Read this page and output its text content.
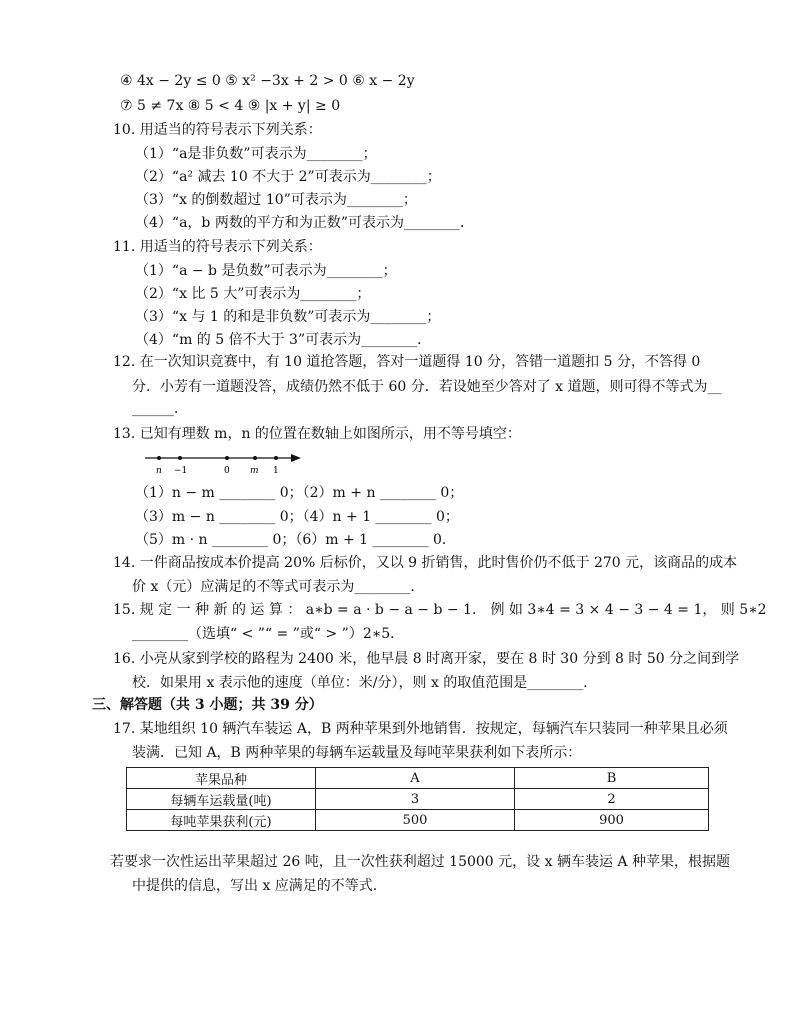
④ 4x − 2y ≤ 0 ⑤ x² −3x + 2 > 0 ⑥ x − 2y
⑦ 5 ≠ 7x ⑧ 5 < 4 ⑨ |x + y| ≥ 0
10. 用适当的符号表示下列关系：
（1）“a是非负数”可表示为________；
（2）“a² 减去 10 不大于 2”可表示为________；
（3）“x 的倒数超过 10”可表示为________；
（4）“a，b 两数的平方和为正数”可表示为________．
11. 用适当的符号表示下列关系：
（1）“a − b 是负数”可表示为________；
（2）“x 比 5 大”可表示为________；
（3）“x 与 1 的和是非负数”可表示为________；
（4）“m 的 5 倍不大于 3”可表示为________．
12. 在一次知识竞赛中，有 10 道抢答题，答对一道题得 10 分，答错一道题扣 5 分，不答得 0
分．小芳有一道题没答，成绩仍然不低于 60 分．若设她至少答对了 x 道题，则可得不等式为__
______．
13. 已知有理数 m，n 的位置在数轴上如图所示，用不等号填空：
n −1	0 m 1
（1）n − m ________ 0；（2）m + n ________ 0；
（3）m − n ________ 0；（4）n + 1 ________ 0；
（5）m · n ________ 0；（6）m + 1 ________ 0．
14. 一件商品按成本价提高 20% 后标价，又以 9 折销售，此时售价仍不低于 270 元，该商品的成本
价 x（元）应满足的不等式可表示为________．
15. 规 定 一 种 新 的 运 算 ： a∗b = a · b − a − b − 1． 例 如 3∗4 = 3 × 4 − 3 − 4 = 1， 则 5∗2
________（选填“ < ”“ = ”或“ > ”）2∗5．
16. 小亮从家到学校的路程为 2400 米，他早晨 8 时离开家，要在 8 时 30 分到 8 时 50 分之间到学
校．如果用 x 表示他的速度（单位：米/分），则 x 的取值范围是________．
三、解答题（共 3 小题；共 39 分）
17. 某地组织 10 辆汽车装运 A，B 两种苹果到外地销售．按规定，每辆汽车只装同一种苹果且必须
装满．已知 A，B 两种苹果的每辆车运载量及每吨苹果获利如下表所示：
苹果品种	A	B
每辆车运载量(吨)	3	2
每吨苹果获利(元)	500	900
若要求一次性运出苹果超过 26 吨，且一次性获利超过 15000 元，设 x 辆车装运 A 种苹果，根据题
中提供的信息，写出 x 应满足的不等式．
